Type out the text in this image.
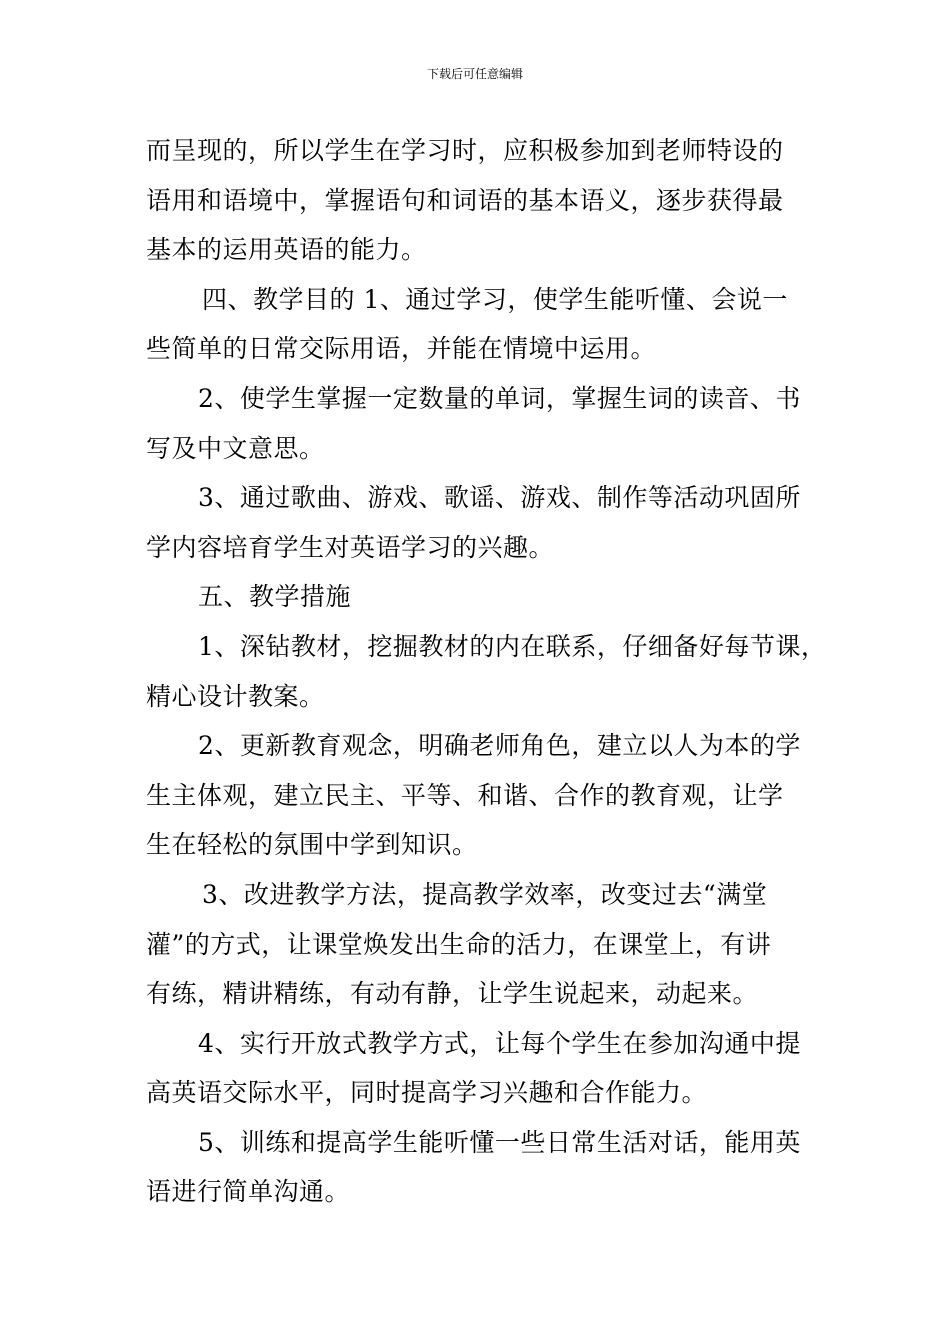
下载后可任意编辑
而呈现的，所以学生在学习时，应积极参加到老师特设的
语用和语境中，掌握语句和词语的基本语义，逐步获得最
基本的运用英语的能力。
四、教学目的 1、通过学习，使学生能听懂、会说一
些简单的日常交际用语，并能在情境中运用。
2、使学生掌握一定数量的单词，掌握生词的读音、书
写及中文意思。
3、通过歌曲、游戏、歌谣、游戏、制作等活动巩固所
学内容培育学生对英语学习的兴趣。
五、教学措施
1、深钻教材，挖掘教材的内在联系，仔细备好每节课，
精心设计教案。
2、更新教育观念，明确老师角色，建立以人为本的学
生主体观，建立民主、平等、和谐、合作的教育观，让学
生在轻松的氛围中学到知识。
3、改进教学方法，提高教学效率，改变过去“满堂
灌”的方式，让课堂焕发出生命的活力，在课堂上，有讲
有练，精讲精练，有动有静，让学生说起来，动起来。
4、实行开放式教学方式，让每个学生在参加沟通中提
高英语交际水平，同时提高学习兴趣和合作能力。
5、训练和提高学生能听懂一些日常生活对话，能用英
语进行简单沟通。
